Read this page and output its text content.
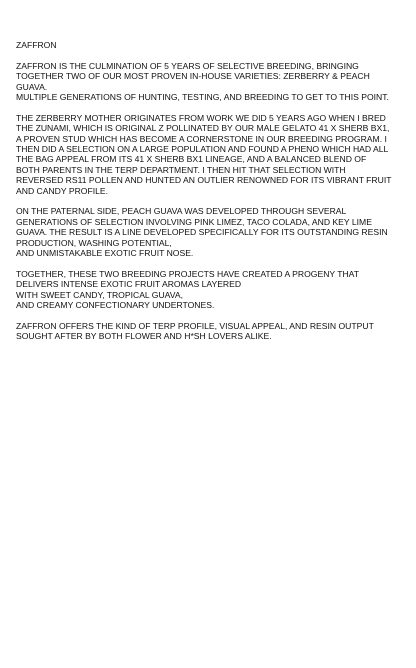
ZAFFRON
ZAFFRON IS THE CULMINATION OF 5 YEARS OF SELECTIVE BREEDING, BRINGING
TOGETHER TWO OF OUR MOST PROVEN IN-HOUSE VARIETIES: ZERBERRY & PEACH
GUAVA.
MULTIPLE GENERATIONS OF HUNTING, TESTING, AND BREEDING TO GET TO THIS POINT.
THE ZERBERRY MOTHER ORIGINATES FROM WORK WE DID 5 YEARS AGO WHEN I BRED
THE ZUNAMI, WHICH IS ORIGINAL Z POLLINATED BY OUR MALE GELATO 41 X SHERB BX1,
A PROVEN STUD WHICH HAS BECOME A CORNERSTONE IN OUR BREEDING PROGRAM. I
THEN DID A SELECTION ON A LARGE POPULATION AND FOUND A PHENO WHICH HAD ALL
THE BAG APPEAL FROM ITS 41 X SHERB BX1 LINEAGE, AND A BALANCED BLEND OF
BOTH PARENTS IN THE TERP DEPARTMENT. I THEN HIT THAT SELECTION WITH
REVERSED RS11 POLLEN AND HUNTED AN OUTLIER RENOWNED FOR ITS VIBRANT FRUIT
AND CANDY PROFILE.
ON THE PATERNAL SIDE, PEACH GUAVA WAS DEVELOPED THROUGH SEVERAL
GENERATIONS OF SELECTION INVOLVING PINK LIMEZ, TACO COLADA, AND KEY LIME
GUAVA. THE RESULT IS A LINE DEVELOPED SPECIFICALLY FOR ITS OUTSTANDING RESIN
PRODUCTION, WASHING POTENTIAL,
AND UNMISTAKABLE EXOTIC FRUIT NOSE.
TOGETHER, THESE TWO BREEDING PROJECTS HAVE CREATED A PROGENY THAT
DELIVERS INTENSE EXOTIC FRUIT AROMAS LAYERED
WITH SWEET CANDY, TROPICAL GUAVA,
AND CREAMY CONFECTIONARY UNDERTONES.
ZAFFRON OFFERS THE KIND OF TERP PROFILE, VISUAL APPEAL, AND RESIN OUTPUT
SOUGHT AFTER BY BOTH FLOWER AND H*SH LOVERS ALIKE.
